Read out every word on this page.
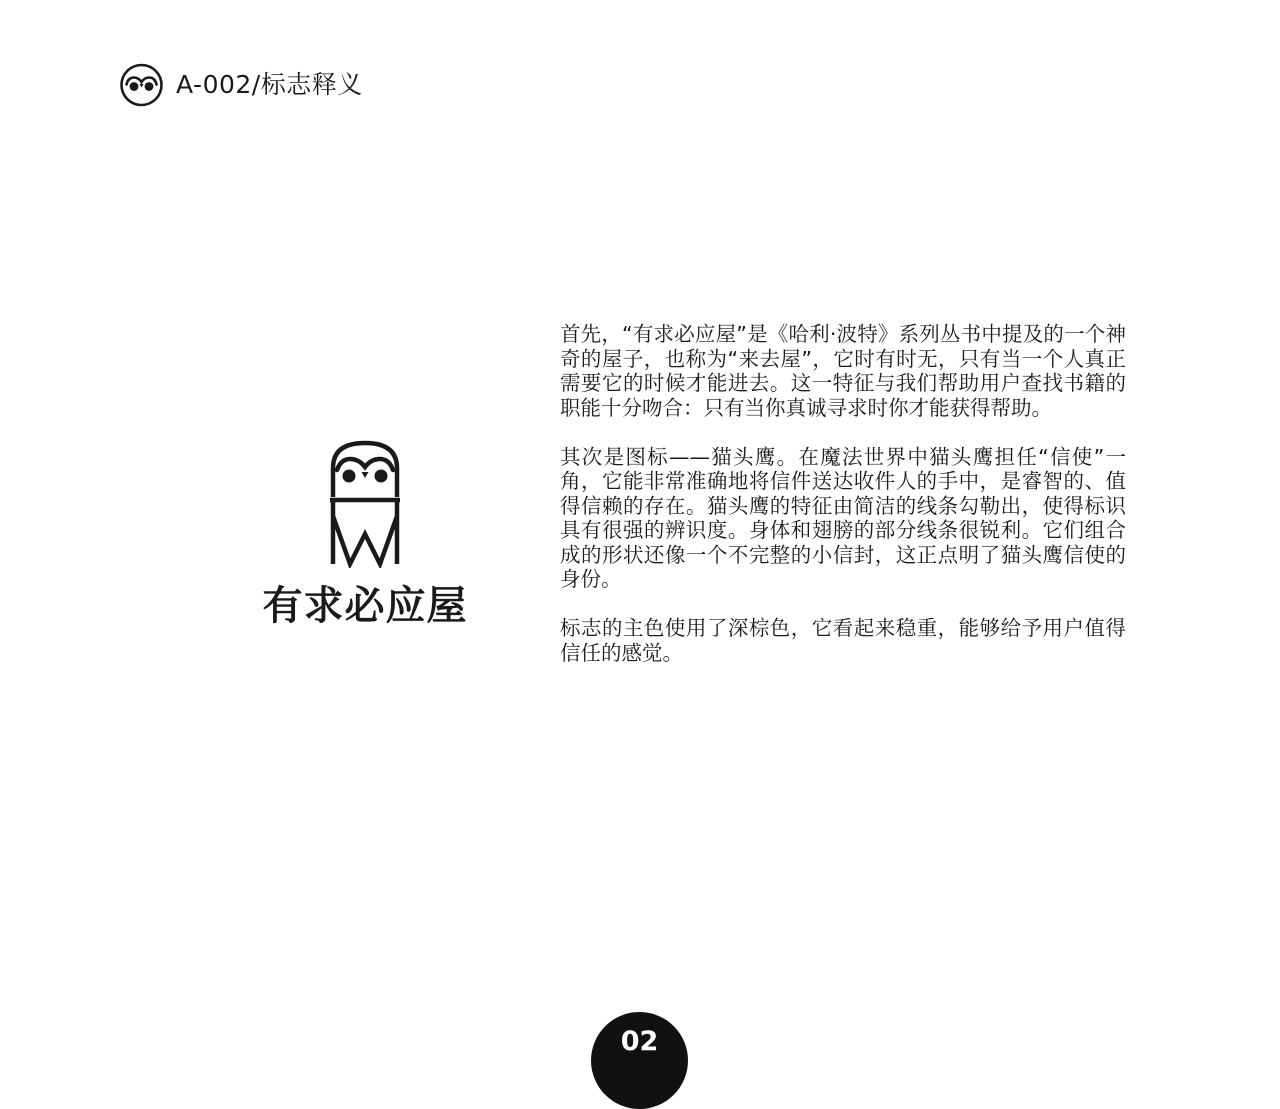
A-002/标志释义
有求必应屋

首先，“有求必应屋”是《哈利·波特》系列丛书中提及的一个神奇的屋子，也称为“来去屋”，它时有时无，只有当一个人真正需要它的时候才能进去。这一特征与我们帮助用户查找书籍的职能十分吻合：只有当你真诚寻求时你才能获得帮助。

其次是图标——猫头鹰。在魔法世界中猫头鹰担任“信使”一角，它能非常准确地将信件送达收件人的手中，是睿智的、值得信赖的存在。猫头鹰的特征由简洁的线条勾勒出，使得标识具有很强的辨识度。身体和翅膀的部分线条很锐利。它们组合成的形状还像一个不完整的小信封，这正点明了猫头鹰信使的身份。

标志的主色使用了深棕色，它看起来稳重，能够给予用户值得信任的感觉。

02
